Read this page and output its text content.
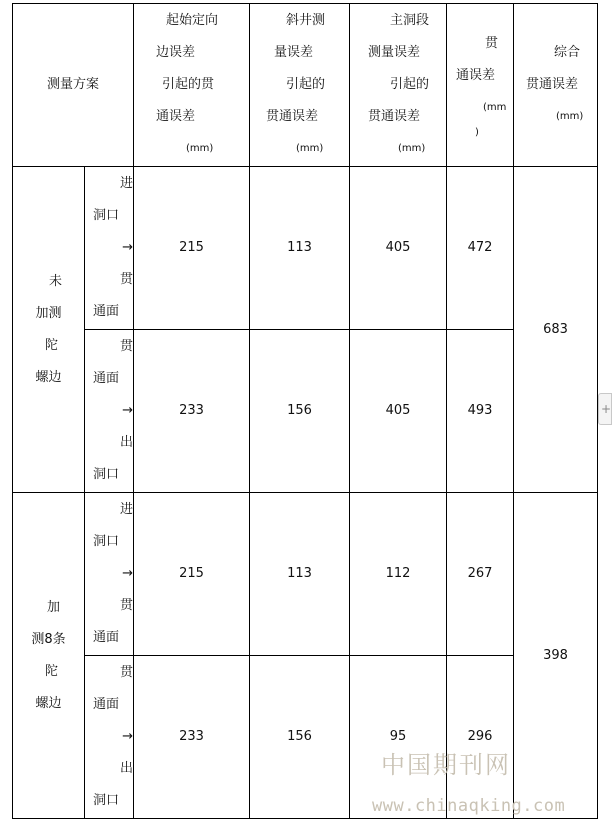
测量方案		起始定向
边误差
引起的贯
通误差
(mm)	斜井测
量误差
引起的
贯通误差
(mm)	主洞段
测量误差
引起的
贯通误差
(mm)	贯
通误差
(mm
)	综合
贯通误差
(mm)

未
加测
陀
螺边	进
洞口
→
贯
通面	215	113	405	472	683

	贯
通面
→
出
洞口	233	156	405	493	

加
测8条
陀
螺边	进
洞口
→
贯
通面	215	113	112	267	398

	贯
通面
→
出
洞口	233	156	95	296	
+
中国期刊网
www.chinaqking.com
